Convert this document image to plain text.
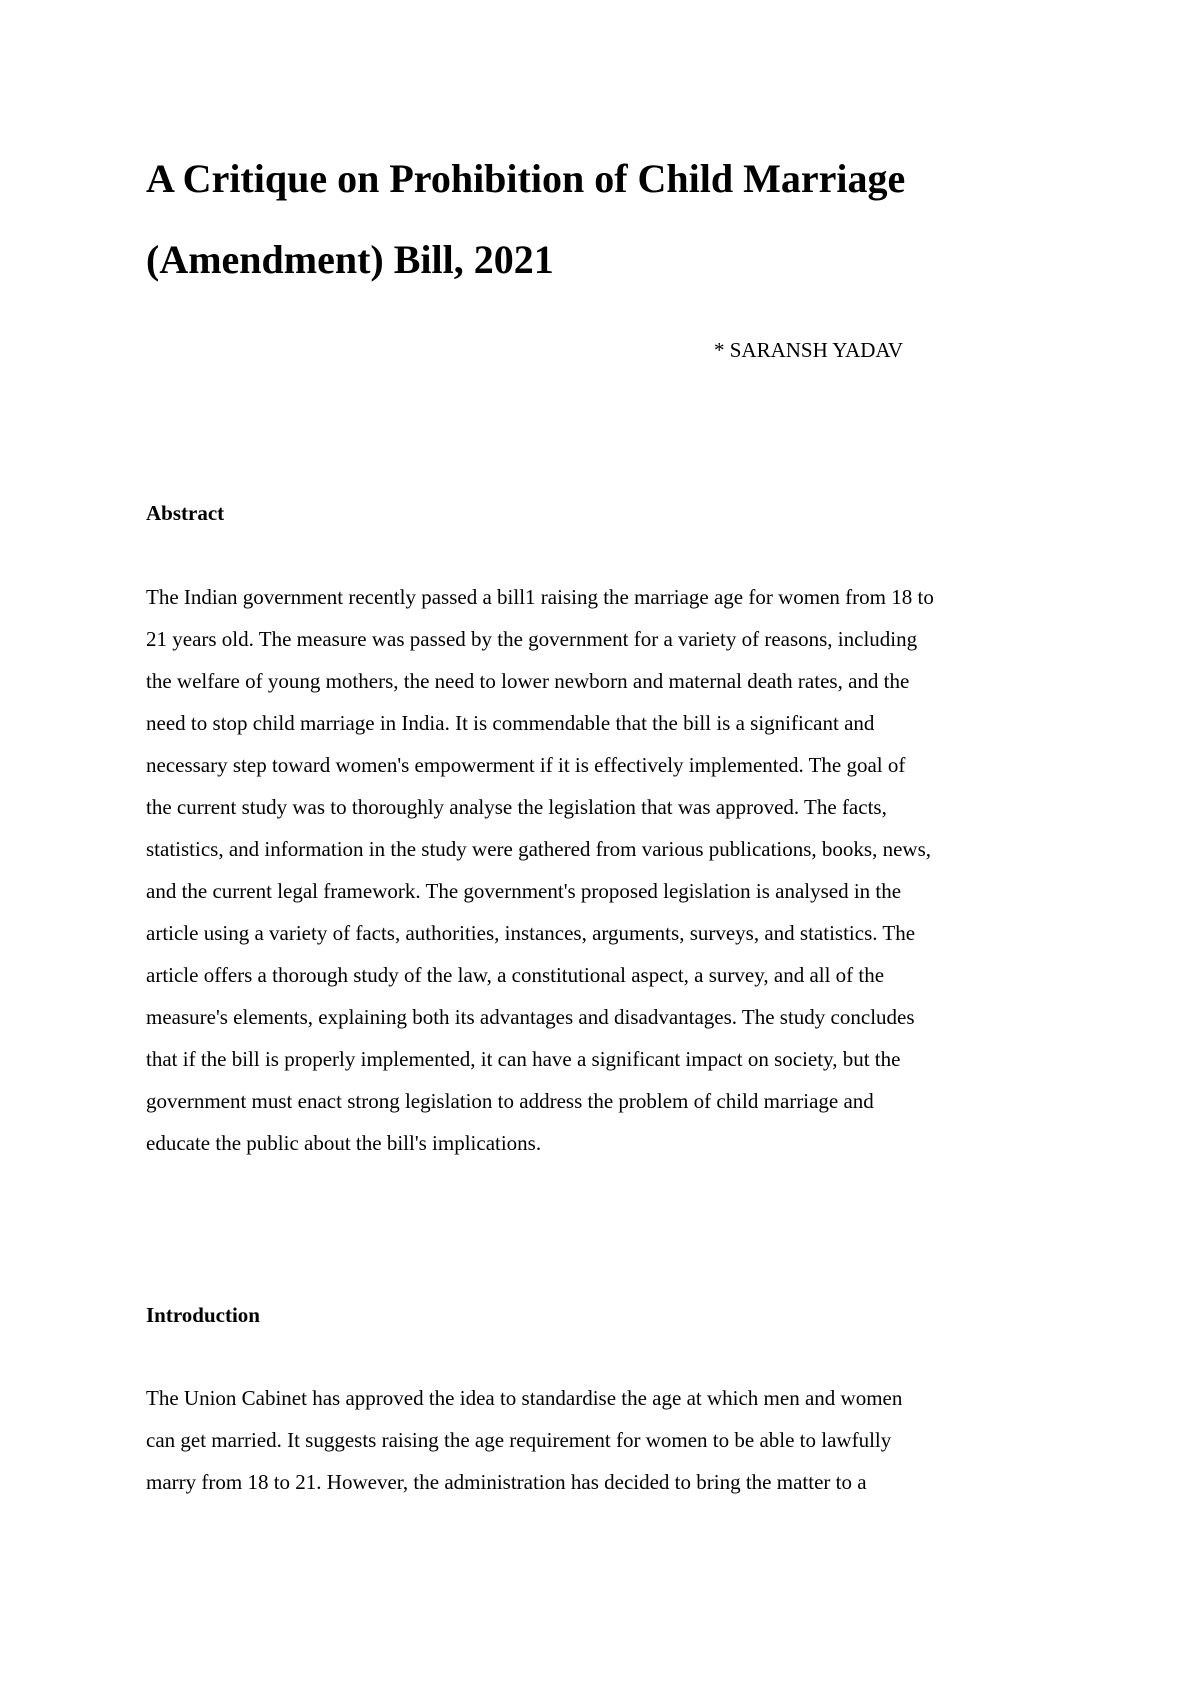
A Critique on Prohibition of Child Marriage
(Amendment) Bill, 2021
* SARANSH YADAV
Abstract

The Indian government recently passed a bill1 raising the marriage age for women from 18 to
21 years old. The measure was passed by the government for a variety of reasons, including
the welfare of young mothers, the need to lower newborn and maternal death rates, and the
need to stop child marriage in India. It is commendable that the bill is a significant and
necessary step toward women's empowerment if it is effectively implemented. The goal of
the current study was to thoroughly analyse the legislation that was approved. The facts,
statistics, and information in the study were gathered from various publications, books, news,
and the current legal framework. The government's proposed legislation is analysed in the
article using a variety of facts, authorities, instances, arguments, surveys, and statistics. The
article offers a thorough study of the law, a constitutional aspect, a survey, and all of the
measure's elements, explaining both its advantages and disadvantages. The study concludes
that if the bill is properly implemented, it can have a significant impact on society, but the
government must enact strong legislation to address the problem of child marriage and
educate the public about the bill's implications.

Introduction

The Union Cabinet has approved the idea to standardise the age at which men and women
can get married. It suggests raising the age requirement for women to be able to lawfully
marry from 18 to 21. However, the administration has decided to bring the matter to a
